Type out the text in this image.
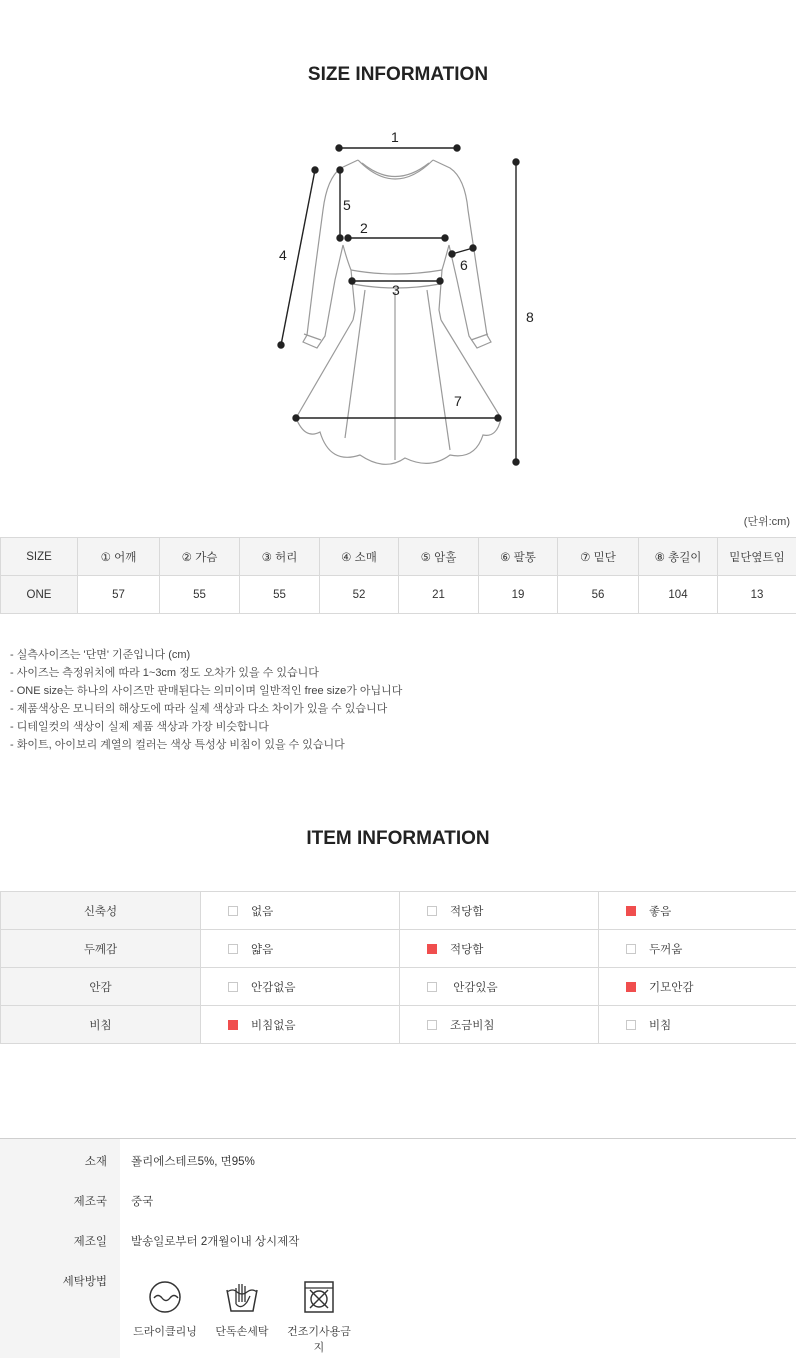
SIZE INFORMATION
1
2
3
4
5
6
7
8
(단위:cm)
SIZE	① 어깨	② 가슴	③ 허리	④ 소매	⑤ 암홀	⑥ 팔통	⑦ 밑단	⑧ 총길이	밑단옆트임
ONE	57	55	55	52	21	19	56	104	13
- 실측사이즈는 '단면' 기준입니다 (cm)
- 사이즈는 측정위치에 따라 1~3cm 정도 오차가 있을 수 있습니다
- ONE size는 하나의 사이즈만 판매된다는 의미이며 일반적인 free size가 아닙니다
- 제품색상은 모니터의 해상도에 따라 실제 색상과 다소 차이가 있을 수 있습니다
- 디테일컷의 색상이 실제 제품 색상과 가장 비슷합니다
- 화이트, 아이보리 계열의 컬러는 색상 특성상 비침이 있을 수 있습니다
ITEM INFORMATION
신축성	없음	적당함	좋음
두께감	얇음	적당함	두꺼움
안감	안감없음	안감있음	기모안감
비침	비침없음	조금비침	비침
소재 폴리에스테르5%, 면95%
제조국 중국
제조일 발송일로부터 2개월이내 상시제작
세탁방법
드라이클리닝	단독손세탁	건조기사용금지
